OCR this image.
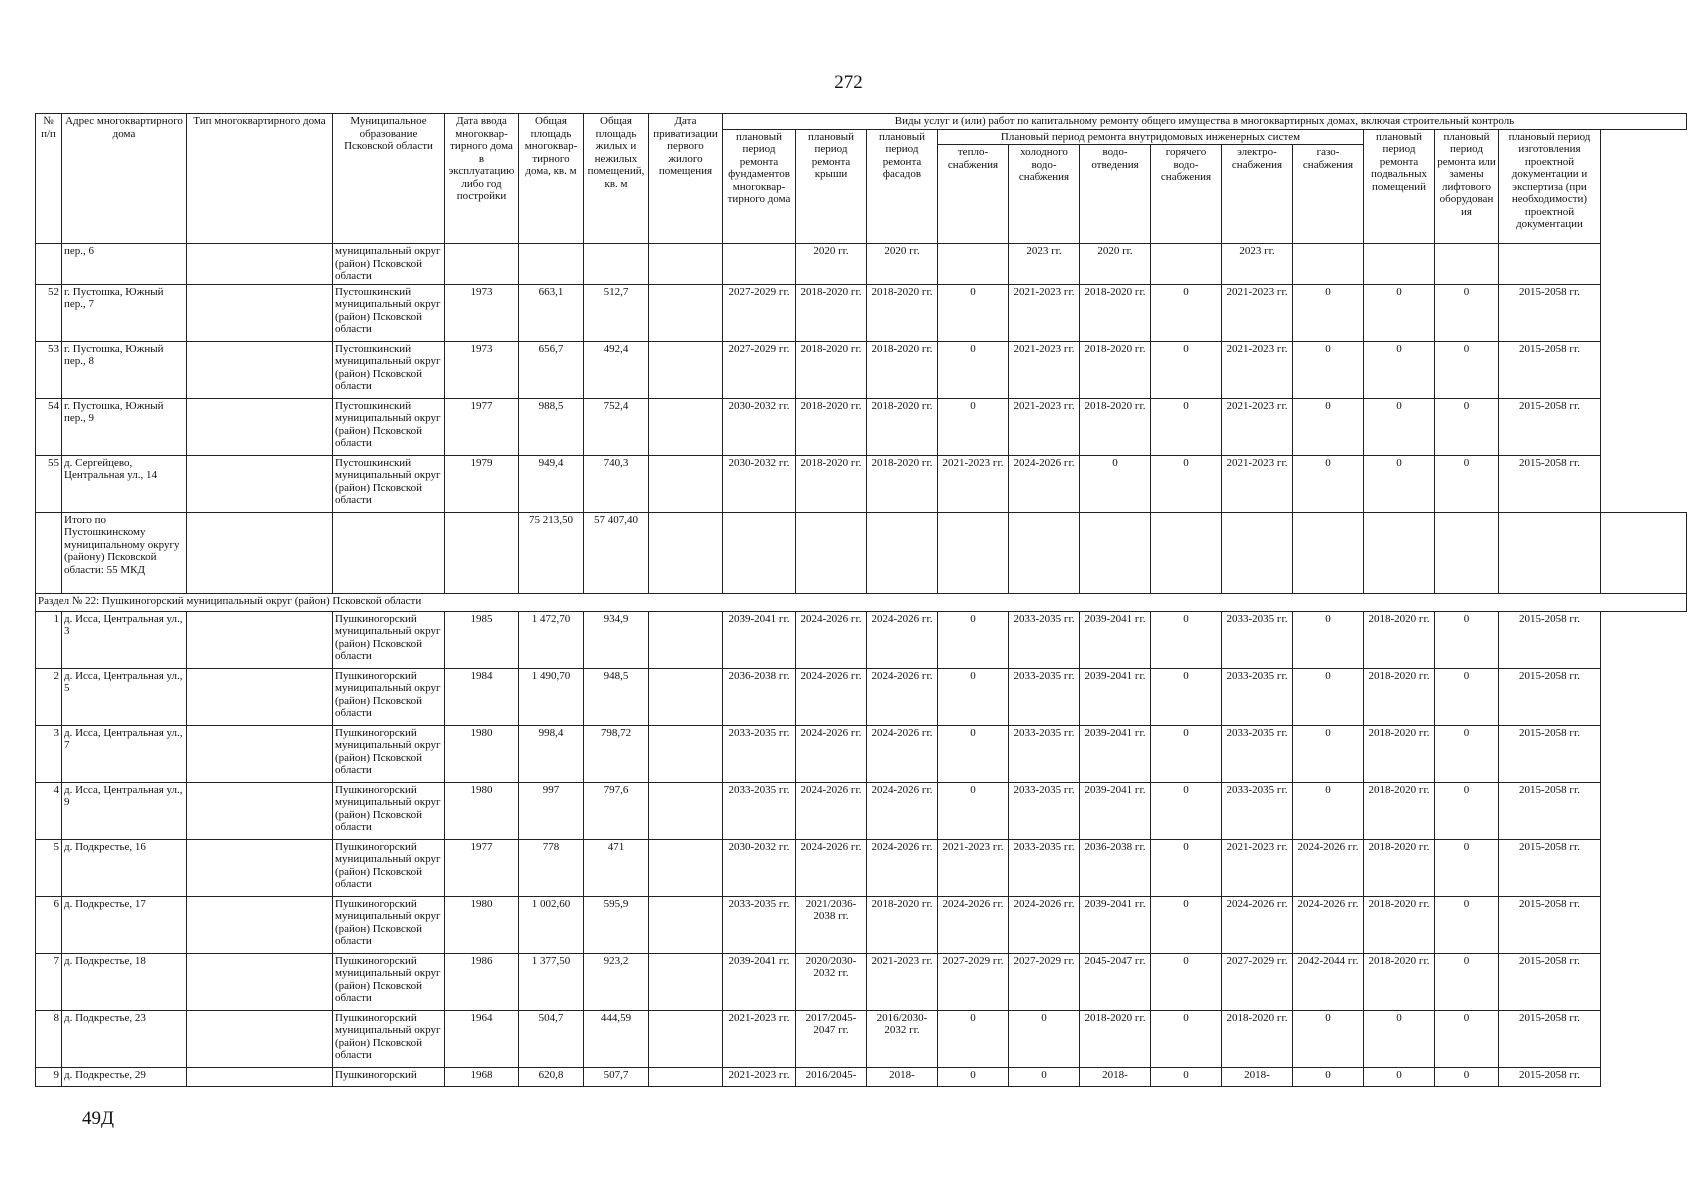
272
№ п/п	Адрес многоквартирного дома	Тип многоквартирного дома	Муниципальное образование Псковской области	Дата ввода многоквар-тирного дома в эксплуатацию либо год постройки	Общая площадь многоквар-тирного дома, кв. м	Общая площадь жилых и нежилых помещений, кв. м	Дата приватизации первого жилого помещения	Виды услуг и (или) работ по капитальному ремонту общего имущества в многоквартирных домах, включая строительный контроль												
								плановый период ремонта фундаментов многоквар-тирного дома	плановый период ремонта крыши	плановый период ремонта фасадов	Плановый период ремонта внутридомовых инженерных систем						плановый период ремонта подвальных помещений	плановый период ремонта или замены лифтового оборудования	плановый период изготовления проектной документации и экспертиза (при необходимости) проектной документации	
											тепло-снабжения	холодного водо-снабжения	водо-отведения	горячего водо-снабжения	электро-снабжения	газо-снабжения				
	пер., 6		муниципальный округ (район) Псковской области						2020 гг.	2020 гг.		2023 гг.	2020 гг.		2023 гг.					
52	г. Пустошка, Южный пер., 7		Пустошкинский муниципальный округ (район) Псковской области	1973	663,1	512,7		2027-2029 гг.	2018-2020 гг.	2018-2020 гг.	0	2021-2023 гг.	2018-2020 гг.	0	2021-2023 гг.	0	0	0	2015-2058 гг.	
53	г. Пустошка, Южный пер., 8		Пустошкинский муниципальный округ (район) Псковской области	1973	656,7	492,4		2027-2029 гг.	2018-2020 гг.	2018-2020 гг.	0	2021-2023 гг.	2018-2020 гг.	0	2021-2023 гг.	0	0	0	2015-2058 гг.	
54	г. Пустошка, Южный пер., 9		Пустошкинский муниципальный округ (район) Псковской области	1977	988,5	752,4		2030-2032 гг.	2018-2020 гг.	2018-2020 гг.	0	2021-2023 гг.	2018-2020 гг.	0	2021-2023 гг.	0	0	0	2015-2058 гг.	
55	д. Сергейцево, Центральная ул., 14		Пустошкинский муниципальный округ (район) Псковской области	1979	949,4	740,3		2030-2032 гг.	2018-2020 гг.	2018-2020 гг.	2021-2023 гг.	2024-2026 гг.	0	0	2021-2023 гг.	0	0	0	2015-2058 гг.	
	Итого по Пустошкинскому муниципальному округу (району) Псковской области: 55 МКД				75 213,50	57 407,40														
Раздел № 22: Пушкиногорский муниципальный округ (район) Псковской области																				
1	д. Исса, Центральная ул., 3		Пушкиногорский муниципальный округ (район) Псковской области	1985	1 472,70	934,9		2039-2041 гг.	2024-2026 гг.	2024-2026 гг.	0	2033-2035 гг.	2039-2041 гг.	0	2033-2035 гг.	0	2018-2020 гг.	0	2015-2058 гг.	
2	д. Исса, Центральная ул., 5		Пушкиногорский муниципальный округ (район) Псковской области	1984	1 490,70	948,5		2036-2038 гг.	2024-2026 гг.	2024-2026 гг.	0	2033-2035 гг.	2039-2041 гг.	0	2033-2035 гг.	0	2018-2020 гг.	0	2015-2058 гг.	
3	д. Исса, Центральная ул., 7		Пушкиногорский муниципальный округ (район) Псковской области	1980	998,4	798,72		2033-2035 гг.	2024-2026 гг.	2024-2026 гг.	0	2033-2035 гг.	2039-2041 гг.	0	2033-2035 гг.	0	2018-2020 гг.	0	2015-2058 гг.	
4	д. Исса, Центральная ул., 9		Пушкиногорский муниципальный округ (район) Псковской области	1980	997	797,6		2033-2035 гг.	2024-2026 гг.	2024-2026 гг.	0	2033-2035 гг.	2039-2041 гг.	0	2033-2035 гг.	0	2018-2020 гг.	0	2015-2058 гг.	
5	д. Подкрестье, 16		Пушкиногорский муниципальный округ (район) Псковской области	1977	778	471		2030-2032 гг.	2024-2026 гг.	2024-2026 гг.	2021-2023 гг.	2033-2035 гг.	2036-2038 гг.	0	2021-2023 гг.	2024-2026 гг.	2018-2020 гг.	0	2015-2058 гг.	
6	д. Подкрестье, 17		Пушкиногорский муниципальный округ (район) Псковской области	1980	1 002,60	595,9		2033-2035 гг.	2021/2036-2038 гг.	2018-2020 гг.	2024-2026 гг.	2024-2026 гг.	2039-2041 гг.	0	2024-2026 гг.	2024-2026 гг.	2018-2020 гг.	0	2015-2058 гг.	
7	д. Подкрестье, 18		Пушкиногорский муниципальный округ (район) Псковской области	1986	1 377,50	923,2		2039-2041 гг.	2020/2030-2032 гг.	2021-2023 гг.	2027-2029 гг.	2027-2029 гг.	2045-2047 гг.	0	2027-2029 гг.	2042-2044 гг.	2018-2020 гг.	0	2015-2058 гг.	
8	д. Подкрестье, 23		Пушкиногорский муниципальный округ (район) Псковской области	1964	504,7	444,59		2021-2023 гг.	2017/2045-2047 гг.	2016/2030-2032 гг.	0	0	2018-2020 гг.	0	2018-2020 гг.	0	0	0	2015-2058 гг.	
9	д. Подкрестье, 29		Пушкиногорский	1968	620,8	507,7		2021-2023 гг.	2016/2045-	2018-	0	0	2018-	0	2018-	0	0	0	2015-2058 гг.	
49Д
